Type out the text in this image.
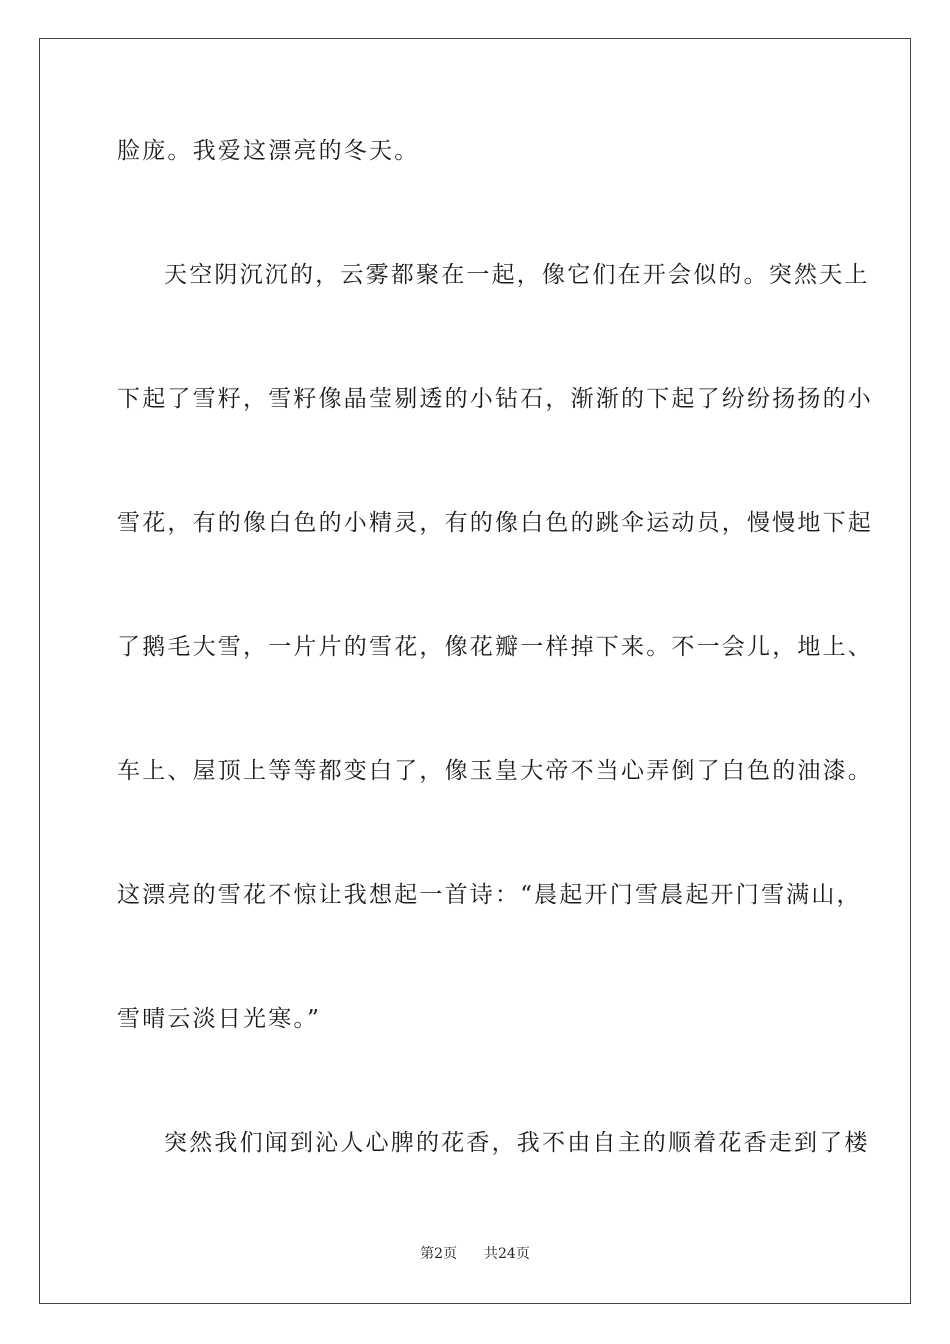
脸庞。我爱这漂亮的冬天。
天空阴沉沉的，云雾都聚在一起，像它们在开会似的。突然天上
下起了雪籽，雪籽像晶莹剔透的小钻石，渐渐的下起了纷纷扬扬的小
雪花，有的像白色的小精灵，有的像白色的跳伞运动员，慢慢地下起
了鹅毛大雪，一片片的雪花，像花瓣一样掉下来。不一会儿，地上、
车上、屋顶上等等都变白了，像玉皇大帝不当心弄倒了白色的油漆。
这漂亮的雪花不惊让我想起一首诗：“晨起开门雪晨起开门雪满山，
雪晴云淡日光寒。”
突然我们闻到沁人心脾的花香，我不由自主的顺着花香走到了楼
第2页 共24页
